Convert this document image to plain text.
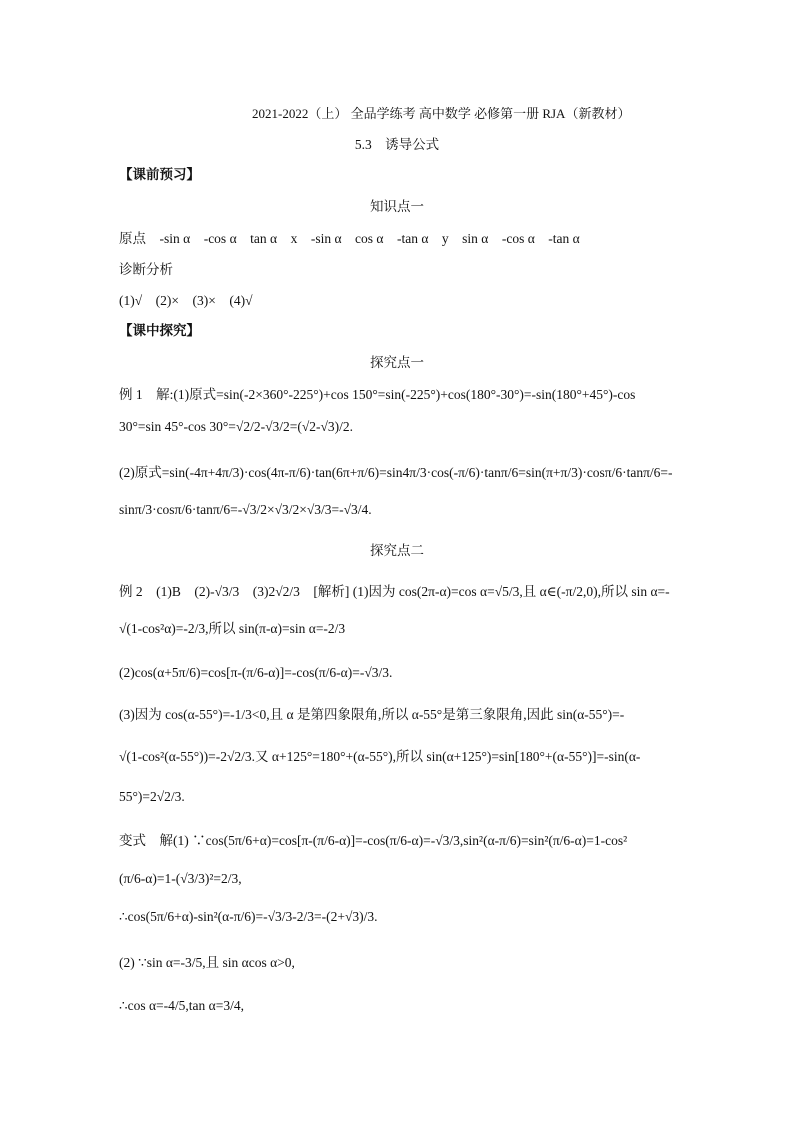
2021-2022（上） 全品学练考 高中数学 必修第一册 RJA（新教材）
5.3　诱导公式
【课前预习】
知识点一
原点　-sin α　-cos α　tan α　x　-sin α　cos α　-tan α　y　sin α　-cos α　-tan α
诊断分析
(1)√　(2)×　(3)×　(4)√
【课中探究】
探究点一
例 1　解:(1)原式=sin(-2×360°-225°)+cos 150°=sin(-225°)+cos(180°-30°)=-sin(180°+45°)-cos
30°=sin 45°-cos 30°=√2/2-√3/2=(√2-√3)/2.
(2)原式=sin(-4π+4π/3)·cos(4π-π/6)·tan(6π+π/6)=sin4π/3·cos(-π/6)·tanπ/6=sin(π+π/3)·cosπ/6·tanπ/6=-
sinπ/3·cosπ/6·tanπ/6=-√3/2×√3/2×√3/3=-√3/4.
探究点二
例 2　(1)B　(2)-√3/3　(3)2√2/3　[解析] (1)因为 cos(2π-α)=cos α=√5/3,且 α∈(-π/2,0),所以 sin α=-
√(1-cos²α)=-2/3,所以 sin(π-α)=sin α=-2/3
(2)cos(α+5π/6)=cos[π-(π/6-α)]=-cos(π/6-α)=-√3/3.
(3)因为 cos(α-55°)=-1/3<0,且 α 是第四象限角,所以 α-55°是第三象限角,因此 sin(α-55°)=-
√(1-cos²(α-55°))=-2√2/3.又 α+125°=180°+(α-55°),所以 sin(α+125°)=sin[180°+(α-55°)]=-sin(α-
55°)=2√2/3.
变式　解(1) ∵cos(5π/6+α)=cos[π-(π/6-α)]=-cos(π/6-α)=-√3/3,sin²(α-π/6)=sin²(π/6-α)=1-cos²
(π/6-α)=1-(√3/3)²=2/3,
∴cos(5π/6+α)-sin²(α-π/6)=-√3/3-2/3=-(2+√3)/3.
(2) ∵sin α=-3/5,且 sin αcos α>0,
∴cos α=-4/5,tan α=3/4,
